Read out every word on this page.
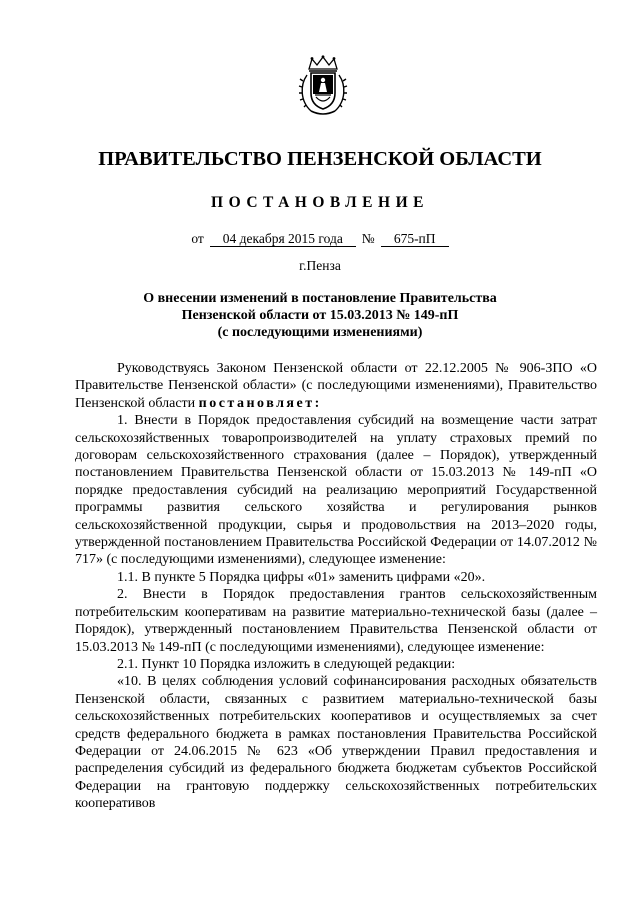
ПРАВИТЕЛЬСТВО ПЕНЗЕНСКОЙ ОБЛАСТИ
ПОСТАНОВЛЕНИЕ
от 04 декабря 2015 года № 675-пП
г.Пенза
О внесении изменений в постановление Правительства
Пензенской области от 15.03.2013 № 149-пП
(с последующими изменениями)

Руководствуясь Законом Пензенской области от 22.12.2005 № 906-ЗПО «О Правительстве Пензенской области» (с последующими изменениями), Правительство Пензенской области постановляет:

1. Внести в Порядок предоставления субсидий на возмещение части затрат сельскохозяйственных товаропроизводителей на уплату страховых премий по договорам сельскохозяйственного страхования (далее – Порядок), утвержденный постановлением Правительства Пензенской области от 15.03.2013 № 149-пП «О порядке предоставления субсидий на реализацию мероприятий Государственной программы развития сельского хозяйства и регулирования рынков сельскохозяйственной продукции, сырья и продовольствия на 2013–2020 годы, утвержденной постановлением Правительства Российской Федерации от 14.07.2012 № 717» (с последующими изменениями), следующее изменение:

1.1. В пункте 5 Порядка цифры «01» заменить цифрами «20».

2. Внести в Порядок предоставления грантов сельскохозяйственным потребительским кооперативам на развитие материально-технической базы (далее – Порядок), утвержденный постановлением Правительства Пензенской области от 15.03.2013 № 149-пП (с последующими изменениями), следующее изменение:

2.1. Пункт 10 Порядка изложить в следующей редакции:

«10. В целях соблюдения условий софинансирования расходных обязательств Пензенской области, связанных с развитием материально-технической базы сельскохозяйственных потребительских кооперативов и осуществляемых за счет средств федерального бюджета в рамках постановления Правительства Российской Федерации от 24.06.2015 № 623 «Об утверждении Правил предоставления и распределения субсидий из федерального бюджета бюджетам субъектов Российской Федерации на грантовую поддержку сельскохозяйственных потребительских кооперативов
